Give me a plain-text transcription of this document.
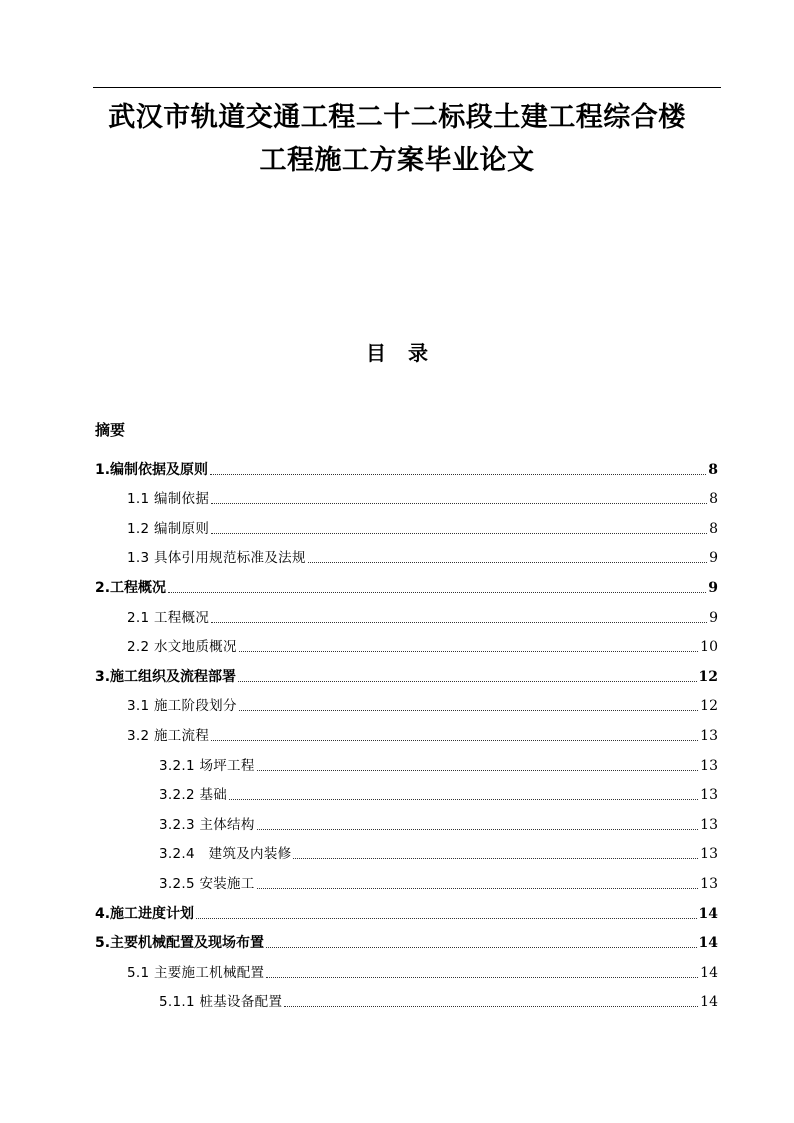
武汉市轨道交通工程二十二标段土建工程综合楼
工程施工方案毕业论文
目录
摘要
1.编制依据及原则	8
1.1 编制依据	8
1.2 编制原则	8
1.3 具体引用规范标准及法规	9
2.工程概况	9
2.1 工程概况	9
2.2 水文地质概况	10
3.施工组织及流程部署	12
3.1 施工阶段划分	12
3.2 施工流程	13
3.2.1 场坪工程	13
3.2.2 基础	13
3.2.3 主体结构	13
3.2.4　建筑及内装修	13
3.2.5 安装施工	13
4.施工进度计划	14
5.主要机械配置及现场布置	14
5.1 主要施工机械配置	14
5.1.1 桩基设备配置	14
